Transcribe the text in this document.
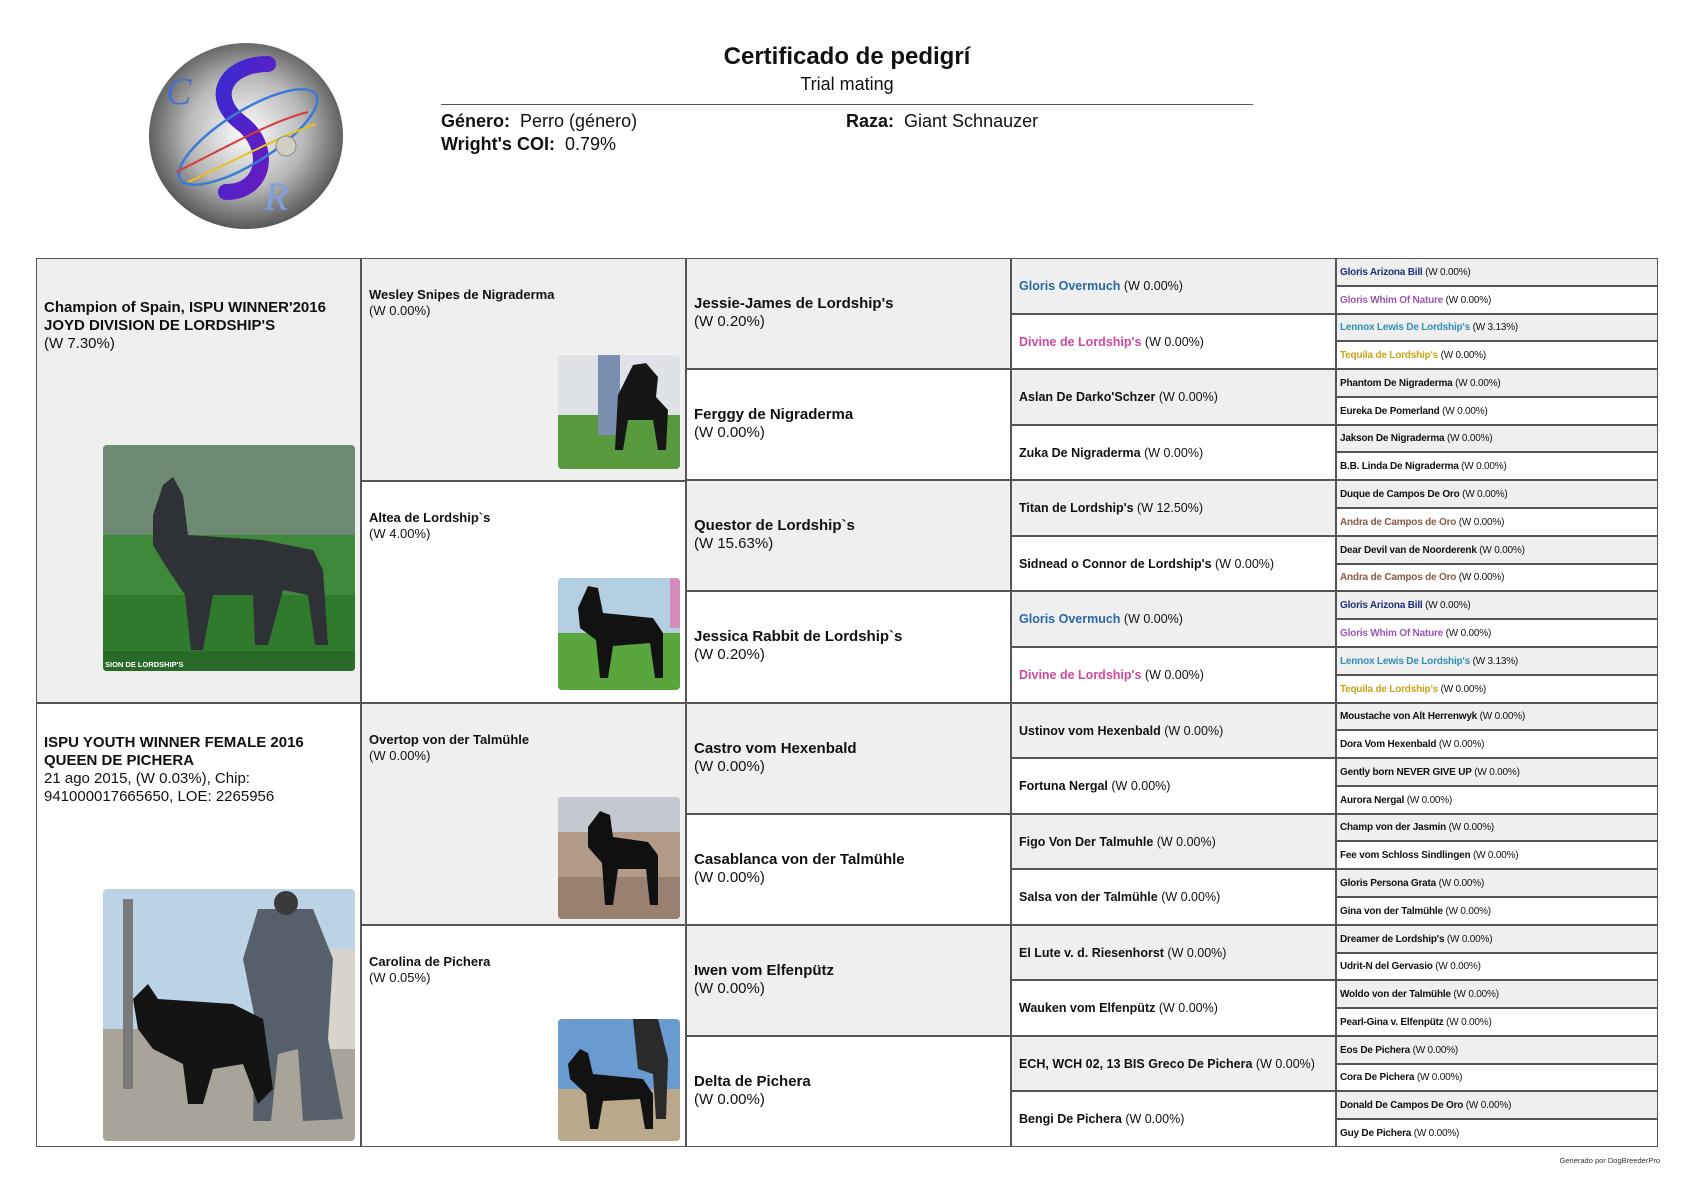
C
R

Certificado de pedigrí

Trial mating

Género: Perro (género)
Wright's COI: 0.79%
Raza: Giant Schnauzer
Champion of Spain, ISPU WINNER'2016
JOYD DIVISION DE LORDSHIP'S
(W 7.30%)
SION DE LORDSHIP'S
ISPU YOUTH WINNER FEMALE 2016
QUEEN DE PICHERA
21 ago 2015, (W 0.03%), Chip:
941000017665650, LOE: 2265956
Wesley Snipes de Nigraderma
(W 0.00%)
Altea de Lordship`s
(W 4.00%)
Overtop von der Talmühle
(W 0.00%)
Carolina de Pichera
(W 0.05%)
Jessie-James de Lordship's
(W 0.20%)
Ferggy de Nigraderma
(W 0.00%)
Questor de Lordship`s
(W 15.63%)
Jessica Rabbit de Lordship`s
(W 0.20%)
Castro vom Hexenbald
(W 0.00%)
Casablanca von der Talmühle
(W 0.00%)
Iwen vom Elfenpütz
(W 0.00%)
Delta de Pichera
(W 0.00%)
Gloris Overmuch (W 0.00%)
Divine de Lordship's (W 0.00%)
Aslan De Darko'Schzer (W 0.00%)
Zuka De Nigraderma (W 0.00%)
Titan de Lordship's (W 12.50%)
Sidnead o Connor de Lordship's (W 0.00%)
Gloris Overmuch (W 0.00%)
Divine de Lordship's (W 0.00%)
Ustinov vom Hexenbald (W 0.00%)
Fortuna Nergal (W 0.00%)
Figo Von Der Talmuhle (W 0.00%)
Salsa von der Talmühle (W 0.00%)
El Lute v. d. Riesenhorst (W 0.00%)
Wauken vom Elfenpütz (W 0.00%)
ECH, WCH 02, 13 BIS Greco De Pichera (W 0.00%)
Bengi De Pichera (W 0.00%)
Gloris Arizona Bill (W 0.00%)
Gloris Whim Of Nature (W 0.00%)
Lennox Lewis De Lordship's (W 3.13%)
Tequila de Lordship's (W 0.00%)
Phantom De Nigraderma (W 0.00%)
Eureka De Pomerland (W 0.00%)
Jakson De Nigraderma (W 0.00%)
B.B. Linda De Nigraderma (W 0.00%)
Duque de Campos De Oro (W 0.00%)
Andra de Campos de Oro (W 0.00%)
Dear Devil van de Noorderenk (W 0.00%)
Andra de Campos de Oro (W 0.00%)
Gloris Arizona Bill (W 0.00%)
Gloris Whim Of Nature (W 0.00%)
Lennox Lewis De Lordship's (W 3.13%)
Tequila de Lordship's (W 0.00%)
Moustache von Alt Herrenwyk (W 0.00%)
Dora Vom Hexenbald (W 0.00%)
Gently born NEVER GIVE UP (W 0.00%)
Aurora Nergal (W 0.00%)
Champ von der Jasmin (W 0.00%)
Fee vom Schloss Sindlingen (W 0.00%)
Gloris Persona Grata (W 0.00%)
Gina von der Talmühle (W 0.00%)
Dreamer de Lordship's (W 0.00%)
Udrit-N del Gervasio (W 0.00%)
Woldo von der Talmühle (W 0.00%)
Pearl-Gina v. Elfenpütz (W 0.00%)
Eos De Pichera (W 0.00%)
Cora De Pichera (W 0.00%)
Donald De Campos De Oro (W 0.00%)
Guy De Pichera (W 0.00%)
Generado por DogBreederPro
